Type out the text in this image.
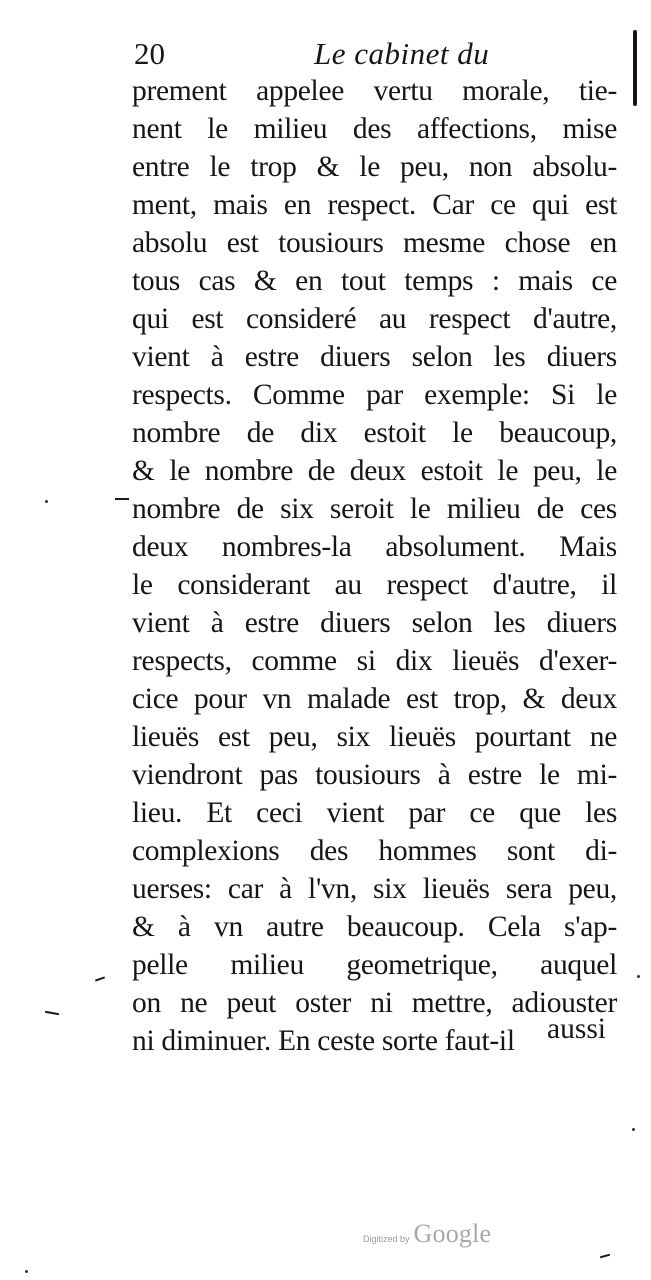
20	Le cabinet du
prement appelee vertu morale, tie-
nent le milieu des affections, mise
entre le trop & le peu, non absolu-
ment, mais en respect. Car ce qui est
absolu est tousiours mesme chose en
tous cas & en tout temps : mais ce
qui est consideré au respect d'autre,
vient à estre diuers selon les diuers
respects. Comme par exemple: Si le
nombre de dix estoit le beaucoup,
& le nombre de deux estoit le peu, le
nombre de six seroit le milieu de ces
deux nombres-la absolument. Mais
le considerant au respect d'autre, il
vient à estre diuers selon les diuers
respects, comme si dix lieuës d'exer-
cice pour vn malade est trop, & deux
lieuës est peu, six lieuës pourtant ne
viendront pas tousiours à estre le mi-
lieu. Et ceci vient par ce que les
complexions des hommes sont di-
uerses: car à l'vn, six lieuës sera peu,
& à vn autre beaucoup. Cela s'ap-
pelle milieu geometrique, auquel
on ne peut oster ni mettre, adiouster
ni diminuer. En ceste sorte faut-il	aussi
Digitized by Google
